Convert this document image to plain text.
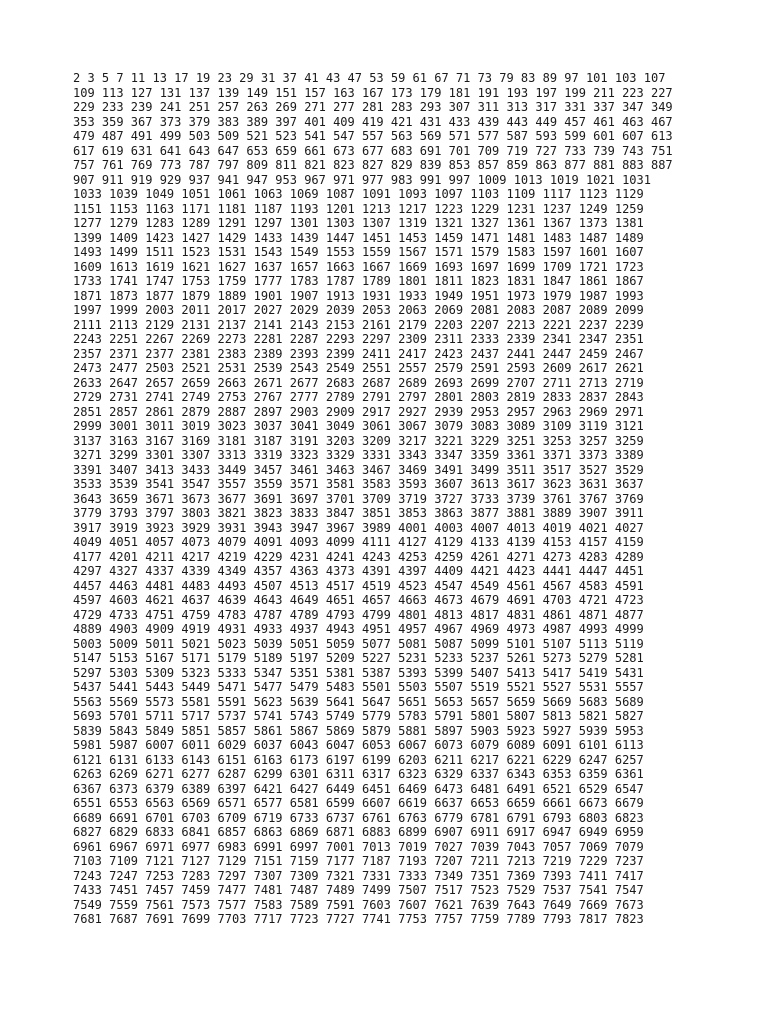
2 3 5 7 11 13 17 19 23 29 31 37 41 43 47 53 59 61 67 71 73 79 83 89 97 101 103 107
109 113 127 131 137 139 149 151 157 163 167 173 179 181 191 193 197 199 211 223 227
229 233 239 241 251 257 263 269 271 277 281 283 293 307 311 313 317 331 337 347 349
353 359 367 373 379 383 389 397 401 409 419 421 431 433 439 443 449 457 461 463 467
479 487 491 499 503 509 521 523 541 547 557 563 569 571 577 587 593 599 601 607 613
617 619 631 641 643 647 653 659 661 673 677 683 691 701 709 719 727 733 739 743 751
757 761 769 773 787 797 809 811 821 823 827 829 839 853 857 859 863 877 881 883 887
907 911 919 929 937 941 947 953 967 971 977 983 991 997 1009 1013 1019 1021 1031
1033 1039 1049 1051 1061 1063 1069 1087 1091 1093 1097 1103 1109 1117 1123 1129
1151 1153 1163 1171 1181 1187 1193 1201 1213 1217 1223 1229 1231 1237 1249 1259
1277 1279 1283 1289 1291 1297 1301 1303 1307 1319 1321 1327 1361 1367 1373 1381
1399 1409 1423 1427 1429 1433 1439 1447 1451 1453 1459 1471 1481 1483 1487 1489
1493 1499 1511 1523 1531 1543 1549 1553 1559 1567 1571 1579 1583 1597 1601 1607
1609 1613 1619 1621 1627 1637 1657 1663 1667 1669 1693 1697 1699 1709 1721 1723
1733 1741 1747 1753 1759 1777 1783 1787 1789 1801 1811 1823 1831 1847 1861 1867
1871 1873 1877 1879 1889 1901 1907 1913 1931 1933 1949 1951 1973 1979 1987 1993
1997 1999 2003 2011 2017 2027 2029 2039 2053 2063 2069 2081 2083 2087 2089 2099
2111 2113 2129 2131 2137 2141 2143 2153 2161 2179 2203 2207 2213 2221 2237 2239
2243 2251 2267 2269 2273 2281 2287 2293 2297 2309 2311 2333 2339 2341 2347 2351
2357 2371 2377 2381 2383 2389 2393 2399 2411 2417 2423 2437 2441 2447 2459 2467
2473 2477 2503 2521 2531 2539 2543 2549 2551 2557 2579 2591 2593 2609 2617 2621
2633 2647 2657 2659 2663 2671 2677 2683 2687 2689 2693 2699 2707 2711 2713 2719
2729 2731 2741 2749 2753 2767 2777 2789 2791 2797 2801 2803 2819 2833 2837 2843
2851 2857 2861 2879 2887 2897 2903 2909 2917 2927 2939 2953 2957 2963 2969 2971
2999 3001 3011 3019 3023 3037 3041 3049 3061 3067 3079 3083 3089 3109 3119 3121
3137 3163 3167 3169 3181 3187 3191 3203 3209 3217 3221 3229 3251 3253 3257 3259
3271 3299 3301 3307 3313 3319 3323 3329 3331 3343 3347 3359 3361 3371 3373 3389
3391 3407 3413 3433 3449 3457 3461 3463 3467 3469 3491 3499 3511 3517 3527 3529
3533 3539 3541 3547 3557 3559 3571 3581 3583 3593 3607 3613 3617 3623 3631 3637
3643 3659 3671 3673 3677 3691 3697 3701 3709 3719 3727 3733 3739 3761 3767 3769
3779 3793 3797 3803 3821 3823 3833 3847 3851 3853 3863 3877 3881 3889 3907 3911
3917 3919 3923 3929 3931 3943 3947 3967 3989 4001 4003 4007 4013 4019 4021 4027
4049 4051 4057 4073 4079 4091 4093 4099 4111 4127 4129 4133 4139 4153 4157 4159
4177 4201 4211 4217 4219 4229 4231 4241 4243 4253 4259 4261 4271 4273 4283 4289
4297 4327 4337 4339 4349 4357 4363 4373 4391 4397 4409 4421 4423 4441 4447 4451
4457 4463 4481 4483 4493 4507 4513 4517 4519 4523 4547 4549 4561 4567 4583 4591
4597 4603 4621 4637 4639 4643 4649 4651 4657 4663 4673 4679 4691 4703 4721 4723
4729 4733 4751 4759 4783 4787 4789 4793 4799 4801 4813 4817 4831 4861 4871 4877
4889 4903 4909 4919 4931 4933 4937 4943 4951 4957 4967 4969 4973 4987 4993 4999
5003 5009 5011 5021 5023 5039 5051 5059 5077 5081 5087 5099 5101 5107 5113 5119
5147 5153 5167 5171 5179 5189 5197 5209 5227 5231 5233 5237 5261 5273 5279 5281
5297 5303 5309 5323 5333 5347 5351 5381 5387 5393 5399 5407 5413 5417 5419 5431
5437 5441 5443 5449 5471 5477 5479 5483 5501 5503 5507 5519 5521 5527 5531 5557
5563 5569 5573 5581 5591 5623 5639 5641 5647 5651 5653 5657 5659 5669 5683 5689
5693 5701 5711 5717 5737 5741 5743 5749 5779 5783 5791 5801 5807 5813 5821 5827
5839 5843 5849 5851 5857 5861 5867 5869 5879 5881 5897 5903 5923 5927 5939 5953
5981 5987 6007 6011 6029 6037 6043 6047 6053 6067 6073 6079 6089 6091 6101 6113
6121 6131 6133 6143 6151 6163 6173 6197 6199 6203 6211 6217 6221 6229 6247 6257
6263 6269 6271 6277 6287 6299 6301 6311 6317 6323 6329 6337 6343 6353 6359 6361
6367 6373 6379 6389 6397 6421 6427 6449 6451 6469 6473 6481 6491 6521 6529 6547
6551 6553 6563 6569 6571 6577 6581 6599 6607 6619 6637 6653 6659 6661 6673 6679
6689 6691 6701 6703 6709 6719 6733 6737 6761 6763 6779 6781 6791 6793 6803 6823
6827 6829 6833 6841 6857 6863 6869 6871 6883 6899 6907 6911 6917 6947 6949 6959
6961 6967 6971 6977 6983 6991 6997 7001 7013 7019 7027 7039 7043 7057 7069 7079
7103 7109 7121 7127 7129 7151 7159 7177 7187 7193 7207 7211 7213 7219 7229 7237
7243 7247 7253 7283 7297 7307 7309 7321 7331 7333 7349 7351 7369 7393 7411 7417
7433 7451 7457 7459 7477 7481 7487 7489 7499 7507 7517 7523 7529 7537 7541 7547
7549 7559 7561 7573 7577 7583 7589 7591 7603 7607 7621 7639 7643 7649 7669 7673
7681 7687 7691 7699 7703 7717 7723 7727 7741 7753 7757 7759 7789 7793 7817 7823
